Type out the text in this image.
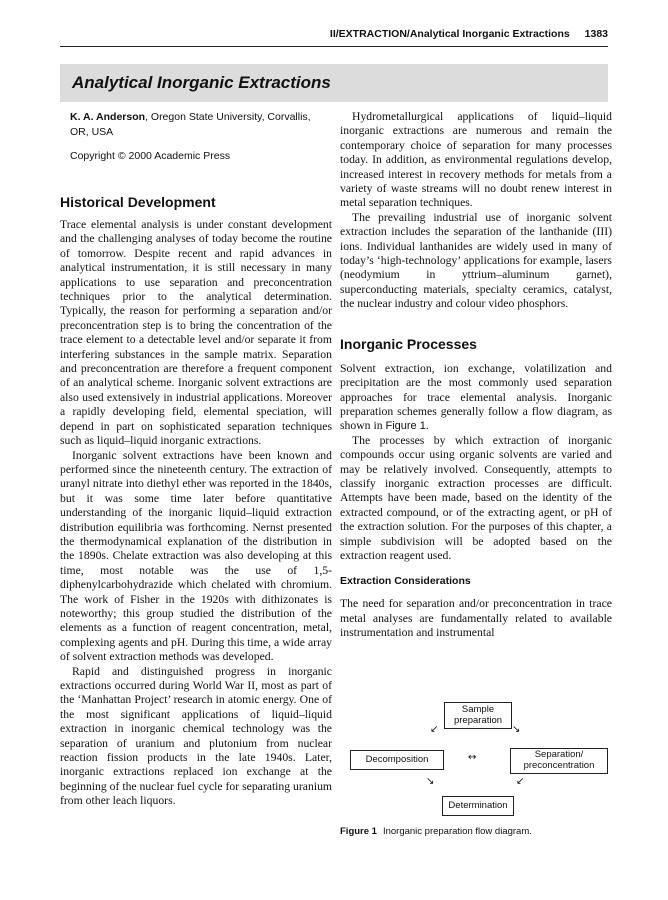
II/EXTRACTION/Analytical Inorganic Extractions 1383
Analytical Inorganic Extractions
K. A. Anderson, Oregon State University, Corvallis, OR, USA
Copyright © 2000 Academic Press
Historical Development

Trace elemental analysis is under constant development and the challenging analyses of today become the routine of tomorrow. Despite recent and rapid advances in analytical instrumentation, it is still necessary in many applications to use separation and preconcentration techniques prior to the analytical determination. Typically, the reason for performing a separation and/or preconcentration step is to bring the concentration of the trace element to a detectable level and/or separate it from interfering substances in the sample matrix. Separation and preconcentration are therefore a frequent component of an analytical scheme. Inorganic solvent extractions are also used extensively in industrial applications. Moreover a rapidly developing field, elemental speciation, will depend in part on sophisticated separation techniques such as liquid–liquid inorganic extractions.

Inorganic solvent extractions have been known and performed since the nineteenth century. The extraction of uranyl nitrate into diethyl ether was reported in the 1840s, but it was some time later before quantitative understanding of the inorganic liquid–liquid extraction distribution equilibria was forthcoming. Nernst presented the thermodynamical explanation of the distribution in the 1890s. Chelate extraction was also developing at this time, most notable was the use of 1,5-diphenylcarbohydrazide which chelated with chromium. The work of Fisher in the 1920s with dithizonates is noteworthy; this group studied the distribution of the elements as a function of reagent concentration, metal, complexing agents and pH. During this time, a wide array of solvent extraction methods was developed.

Rapid and distinguished progress in inorganic extractions occurred during World War II, most as part of the ‘Manhattan Project’ research in atomic energy. One of the most significant applications of liquid–liquid extraction in inorganic chemical technology was the separation of uranium and plutonium from nuclear reaction fission products in the late 1940s. Later, inorganic extractions replaced ion exchange at the beginning of the nuclear fuel cycle for separating uranium from other leach liquors.

Hydrometallurgical applications of liquid–liquid inorganic extractions are numerous and remain the contemporary choice of separation for many processes today. In addition, as environmental regulations develop, increased interest in recovery methods for metals from a variety of waste streams will no doubt renew interest in metal separation techniques.

The prevailing industrial use of inorganic solvent extraction includes the separation of the lanthanide (III) ions. Individual lanthanides are widely used in many of today’s ‘high-technology’ applications for example, lasers (neodymium in yttrium–aluminum garnet), superconducting materials, specialty ceramics, catalyst, the nuclear industry and colour video phosphors.

Inorganic Processes

Solvent extraction, ion exchange, volatilization and precipitation are the most commonly used separation approaches for trace elemental analysis. Inorganic preparation schemes generally follow a flow diagram, as shown in Figure 1.

The processes by which extraction of inorganic compounds occur using organic solvents are varied and may be relatively involved. Consequently, attempts to classify inorganic extraction processes are difficult. Attempts have been made, based on the identity of the extracted compound, or of the extracting agent, or pH of the extraction solution. For the purposes of this chapter, a simple subdivision will be adopted based on the extraction reagent used.

Extraction Considerations

The need for separation and/or preconcentration in trace metal analyses are fundamentally related to available instrumentation and instrumental

Sample preparation
Decomposition	Separation/ preconcentration
Determination
↙	↘
↔
↘	↙
Figure 1 Inorganic preparation flow diagram.
